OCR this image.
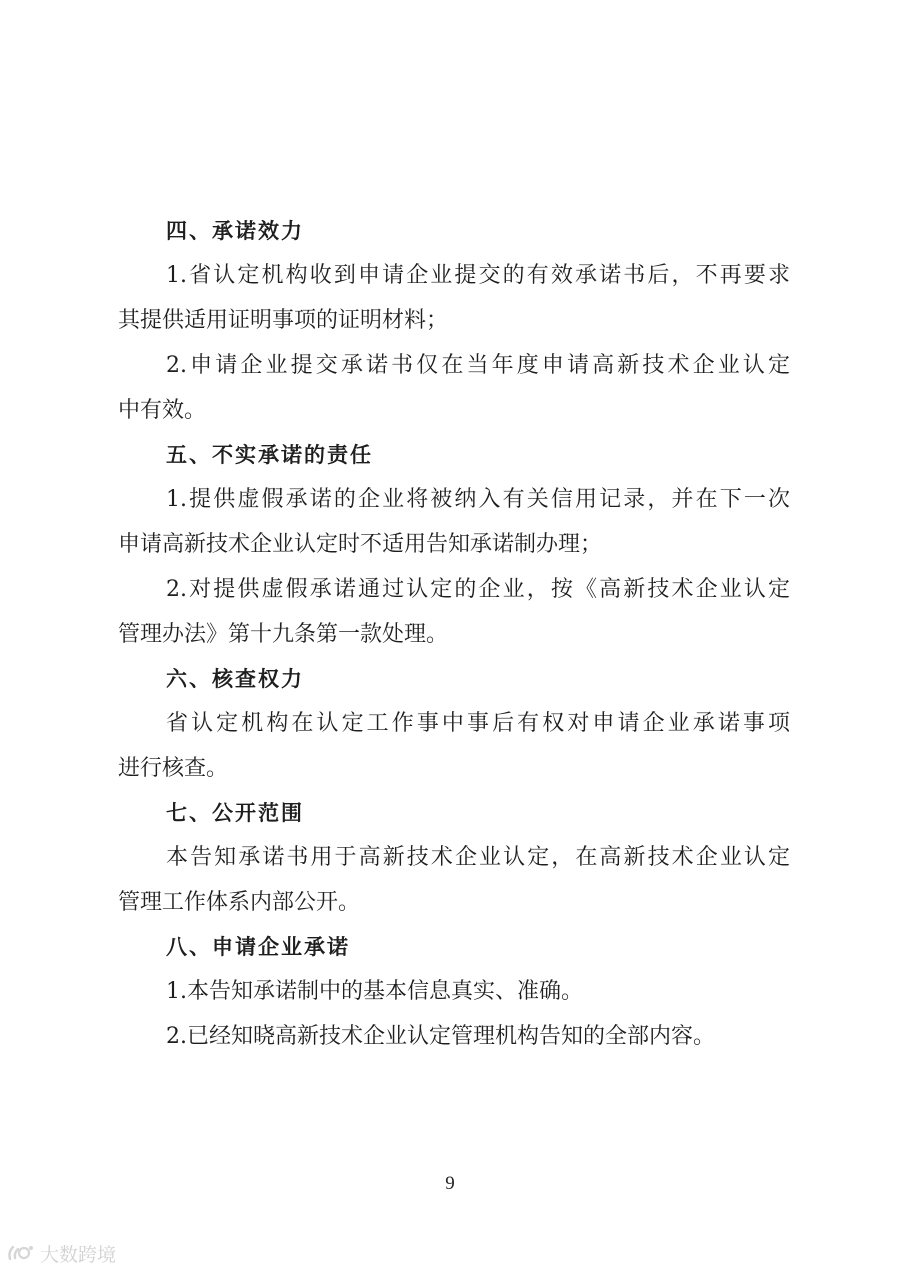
四、承诺效力
1.省认定机构收到申请企业提交的有效承诺书后，不再要求
其提供适用证明事项的证明材料；
2.申请企业提交承诺书仅在当年度申请高新技术企业认定
中有效。
五、不实承诺的责任
1.提供虚假承诺的企业将被纳入有关信用记录，并在下一次
申请高新技术企业认定时不适用告知承诺制办理；
2.对提供虚假承诺通过认定的企业，按《高新技术企业认定
管理办法》第十九条第一款处理。
六、核查权力
省认定机构在认定工作事中事后有权对申请企业承诺事项
进行核查。
七、公开范围
本告知承诺书用于高新技术企业认定，在高新技术企业认定
管理工作体系内部公开。
八、申请企业承诺
1.本告知承诺制中的基本信息真实、准确。
2.已经知晓高新技术企业认定管理机构告知的全部内容。
9
大数跨境
